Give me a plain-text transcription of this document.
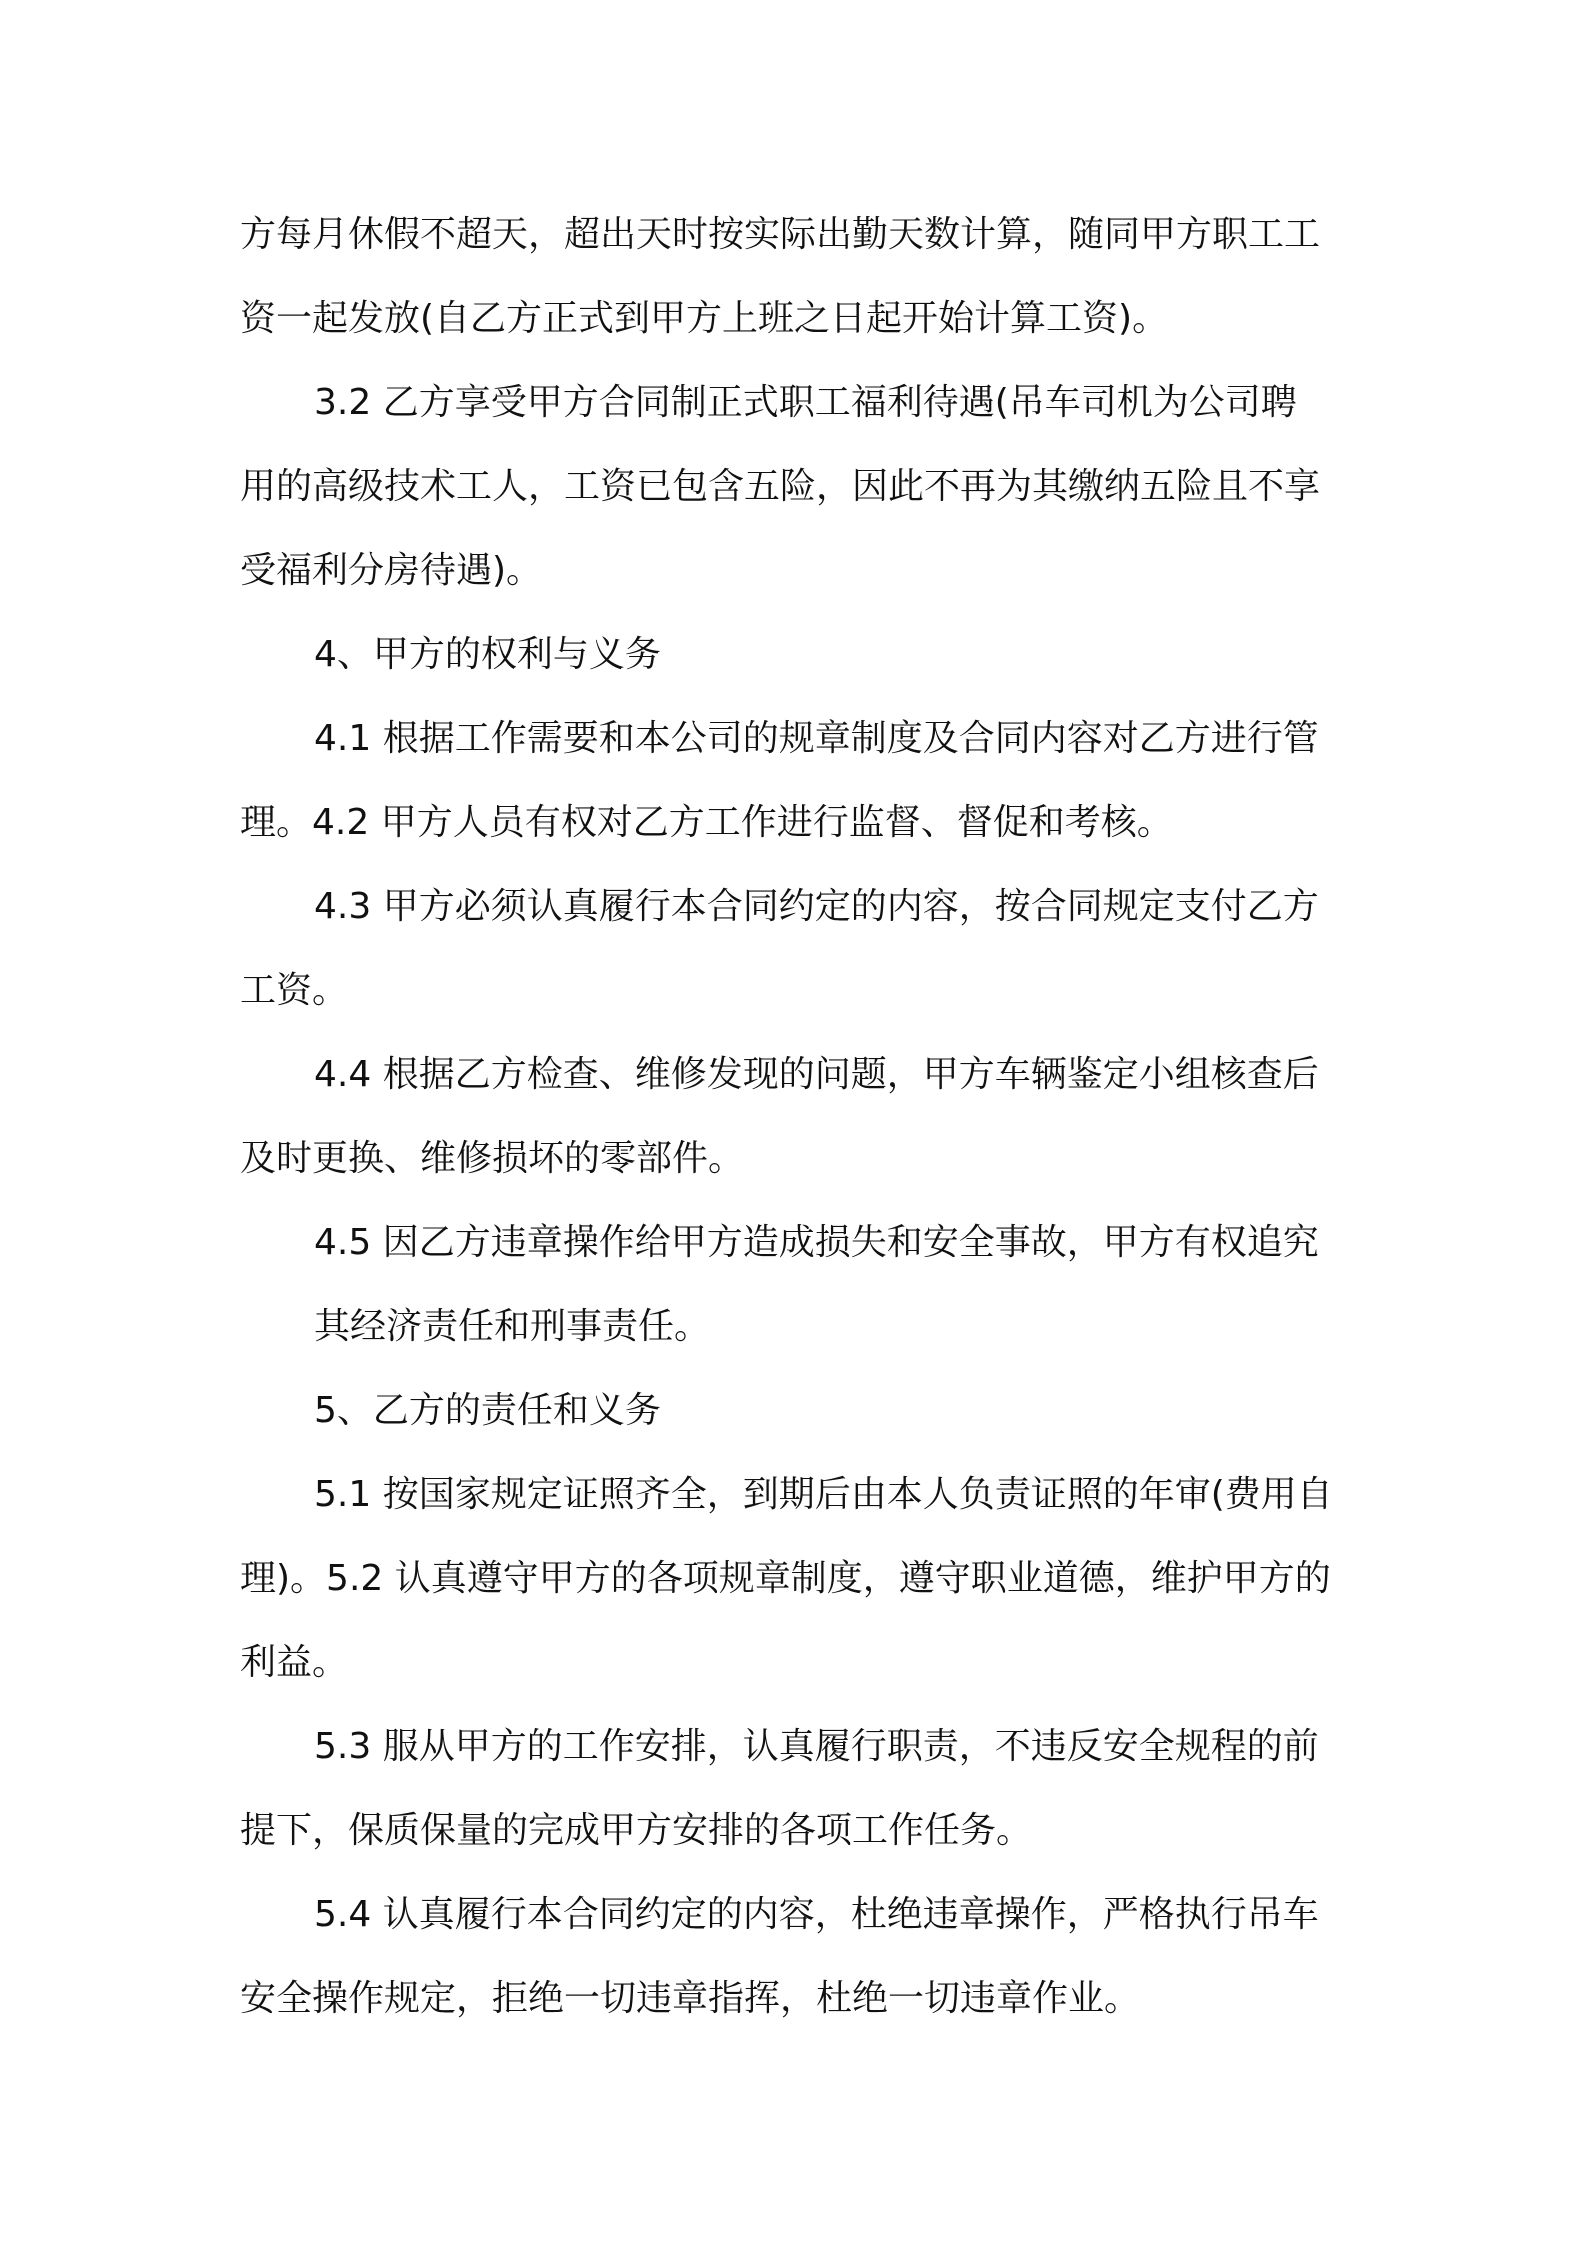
方每月休假不超天，超出天时按实际出勤天数计算，随同甲方职工工
资一起发放(自乙方正式到甲方上班之日起开始计算工资)。
3.2 乙方享受甲方合同制正式职工福利待遇(吊车司机为公司聘
用的高级技术工人，工资已包含五险，因此不再为其缴纳五险且不享
受福利分房待遇)。
4、甲方的权利与义务
4.1 根据工作需要和本公司的规章制度及合同内容对乙方进行管
理。4.2 甲方人员有权对乙方工作进行监督、督促和考核。
4.3 甲方必须认真履行本合同约定的内容，按合同规定支付乙方
工资。
4.4 根据乙方检查、维修发现的问题，甲方车辆鉴定小组核查后
及时更换、维修损坏的零部件。
4.5 因乙方违章操作给甲方造成损失和安全事故，甲方有权追究
其经济责任和刑事责任。
5、乙方的责任和义务
5.1 按国家规定证照齐全，到期后由本人负责证照的年审(费用自
理)。5.2 认真遵守甲方的各项规章制度，遵守职业道德，维护甲方的
利益。
5.3 服从甲方的工作安排，认真履行职责，不违反安全规程的前
提下，保质保量的完成甲方安排的各项工作任务。
5.4 认真履行本合同约定的内容，杜绝违章操作，严格执行吊车
安全操作规定，拒绝一切违章指挥，杜绝一切违章作业。
